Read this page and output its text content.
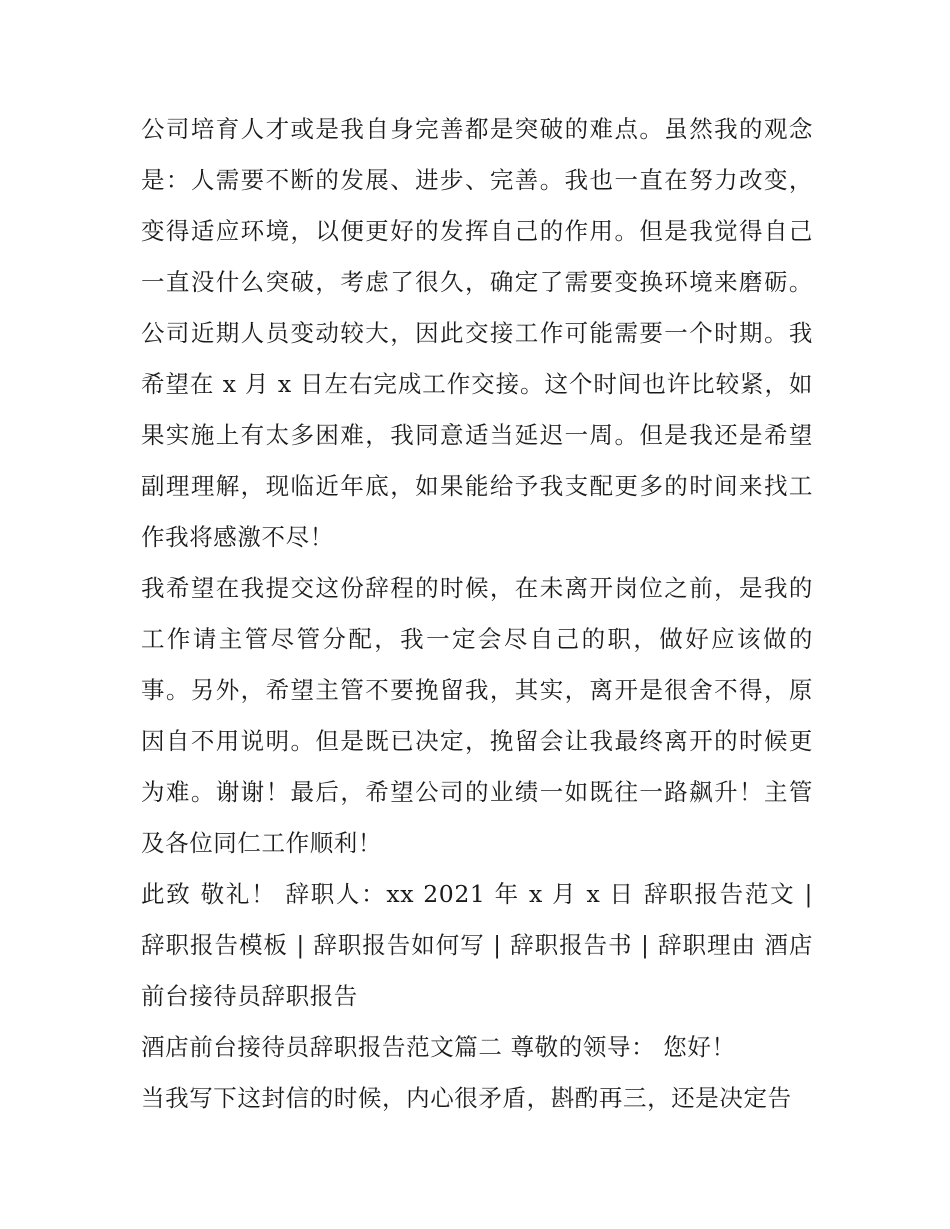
公司培育人才或是我自身完善都是突破的难点。虽然我的观念是：人需要不断的发展、进步、完善。我也一直在努力改变，变得适应环境，以便更好的发挥自己的作用。但是我觉得自己一直没什么突破，考虑了很久，确定了需要变换环境来磨砺。公司近期人员变动较大，因此交接工作可能需要一个时期。我希望在 x 月 x 日左右完成工作交接。这个时间也许比较紧，如果实施上有太多困难，我同意适当延迟一周。但是我还是希望副理理解，现临近年底，如果能给予我支配更多的时间来找工作我将感激不尽！

我希望在我提交这份辞程的时候，在未离开岗位之前，是我的工作请主管尽管分配，我一定会尽自己的职，做好应该做的事。另外，希望主管不要挽留我，其实，离开是很舍不得，原因自不用说明。但是既已决定，挽留会让我最终离开的时候更为难。谢谢！最后，希望公司的业绩一如既往一路飙升！主管及各位同仁工作顺利！

此致 敬礼！ 辞职人：xx 2021 年 x 月 x 日 辞职报告范文 | 辞职报告模板 | 辞职报告如何写 | 辞职报告书 | 辞职理由 酒店前台接待员辞职报告

酒店前台接待员辞职报告范文篇二 尊敬的领导： 您好！

当我写下这封信的时候，内心很矛盾，斟酌再三，还是决定告
